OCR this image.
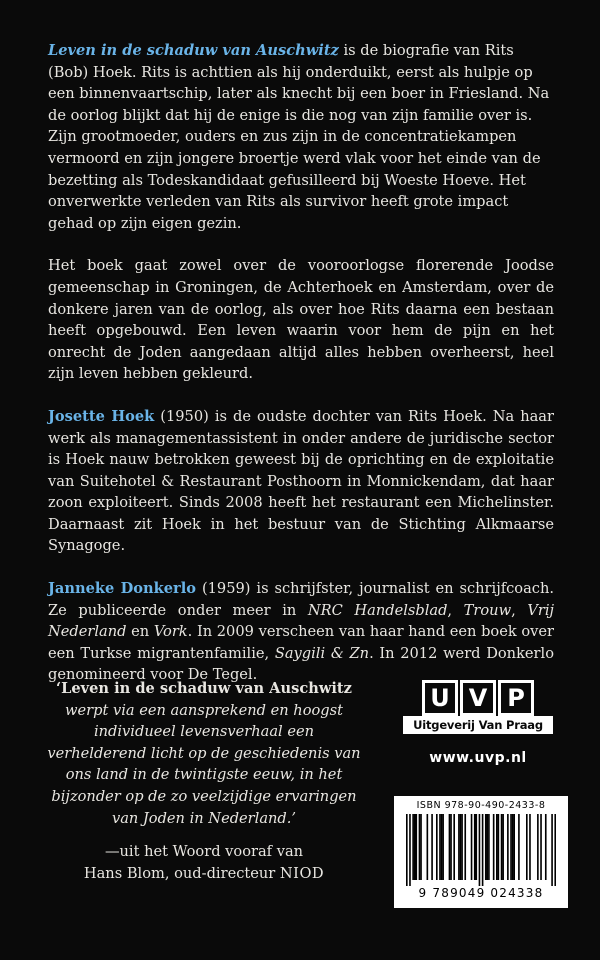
Leven in de schaduw van Auschwitz is de biografie van Rits (Bob) Hoek. Rits is achttien als hij onderduikt, eerst als hulpje op een binnenvaartschip, later als knecht bij een boer in Friesland. Na de oorlog blijkt dat hij de enige is die nog van zijn familie over is. Zijn grootmoeder, ouders en zus zijn in de concentratiekampen vermoord en zijn jongere broertje werd vlak voor het einde van de bezetting als Todeskandidaat gefusilleerd bij Woeste Hoeve. Het onverwerkte verleden van Rits als survivor heeft grote impact gehad op zijn eigen gezin.

Het boek gaat zowel over de vooroorlogse florerende Joodse gemeenschap in Groningen, de Achterhoek en Amsterdam, over de donkere jaren van de oorlog, als over hoe Rits daarna een bestaan heeft opgebouwd. Een leven waarin voor hem de pijn en het onrecht de Joden aangedaan altijd alles hebben overheerst, heel zijn leven hebben gekleurd.

Josette Hoek (1950) is de oudste dochter van Rits Hoek. Na haar werk als managementassistent in onder andere de juridische sector is Hoek nauw betrokken geweest bij de oprichting en de exploitatie van Suitehotel & Restaurant Posthoorn in Monnickendam, dat haar zoon exploiteert. Sinds 2008 heeft het restaurant een Michelinster. Daarnaast zit Hoek in het bestuur van de Stichting Alkmaarse Synagoge.

Janneke Donkerlo (1959) is schrijfster, journalist en schrijfcoach. Ze publiceerde onder meer in NRC Handelsblad, Trouw, Vrij Nederland en Vork. In 2009 verscheen van haar hand een boek over een Turkse migrantenfamilie, Saygili & Zn. In 2012 werd Donkerlo genomineerd voor De Tegel.

‘Leven in de schaduw van Auschwitz werpt via een aansprekend en hoogst individueel levensverhaal een verhelderend licht op de geschiedenis van ons land in de twintigste eeuw, in het bijzonder op de zo veelzijdige ervaringen van Joden in Nederland.’

—uit het Woord vooraf van
Hans Blom, oud-directeur NIOD
U V P
Uitgeverij Van Praag
www.uvp.nl
ISBN 978-90-490-2433-8
9 789049 024338
